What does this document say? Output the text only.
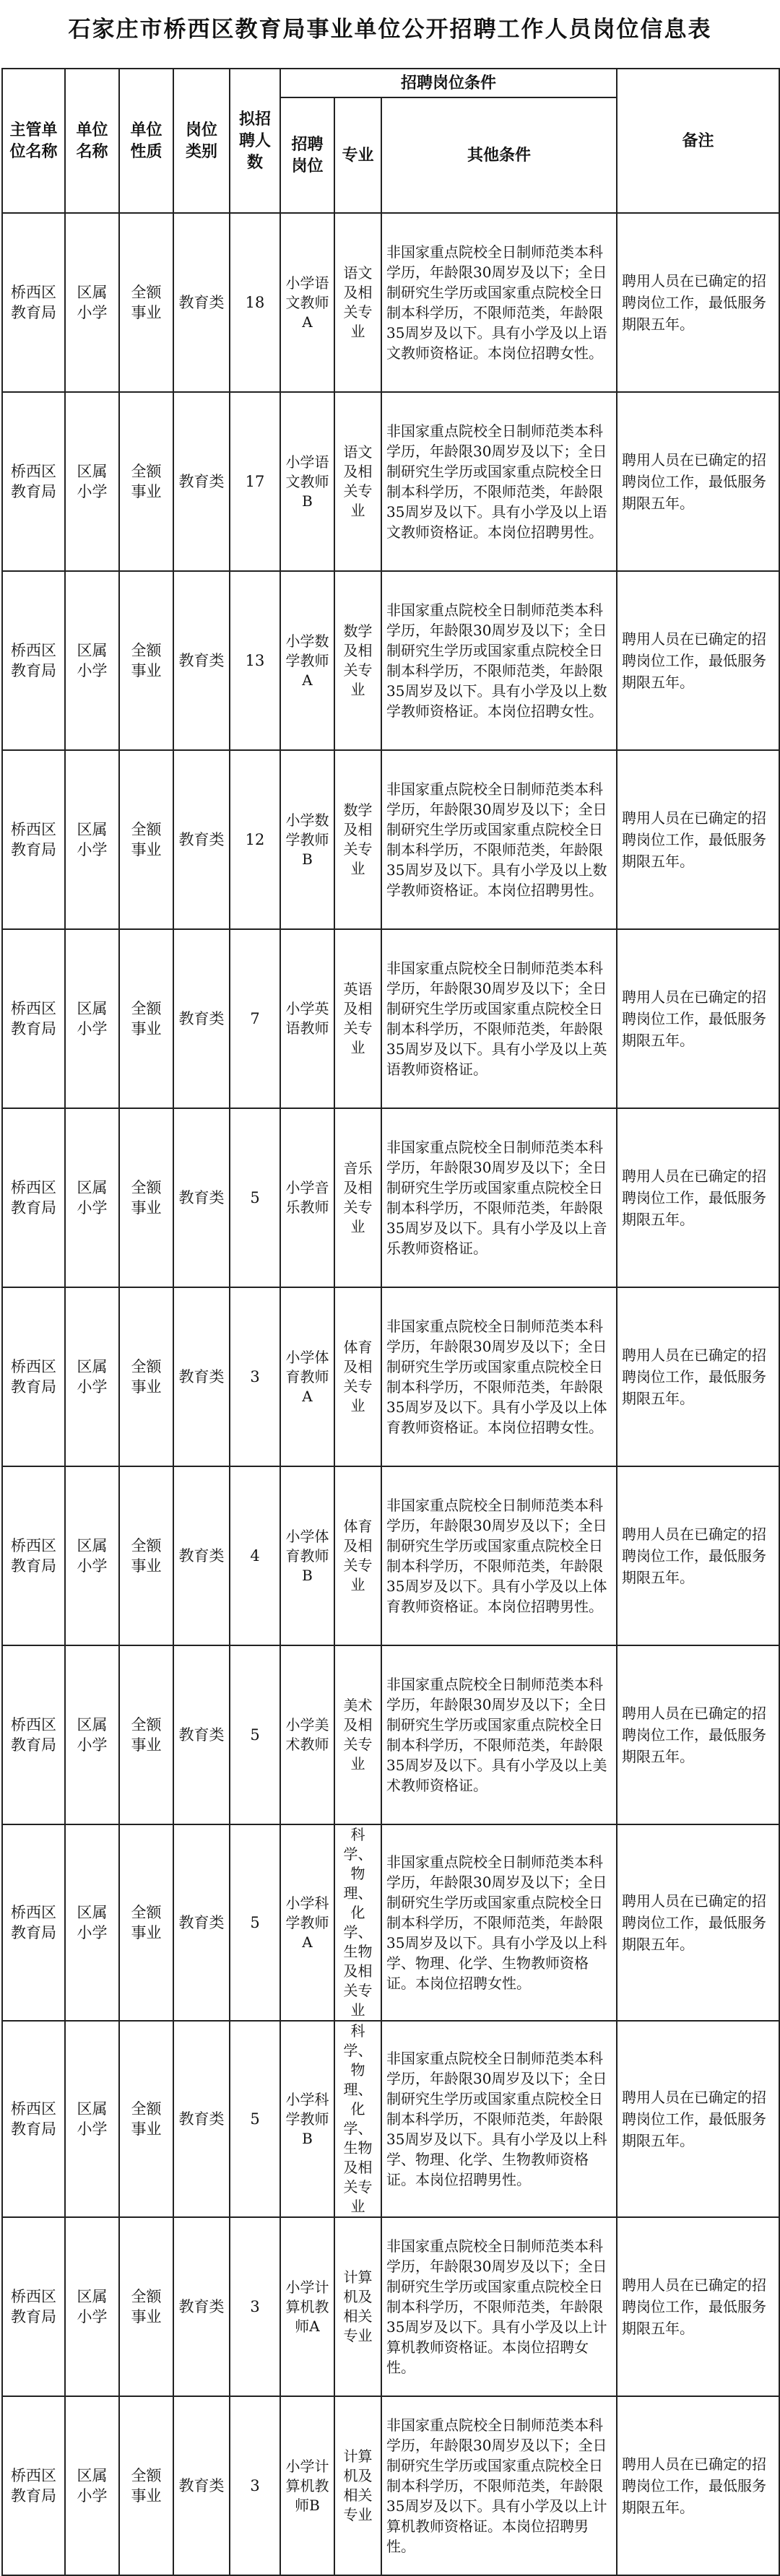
石家庄市桥西区教育局事业单位公开招聘工作人员岗位信息表
主管单位名称	单位名称	单位性质	岗位类别	拟招聘人数	招聘岗位条件			备注
					招聘岗位	专业	其他条件	
桥西区教育局	区属小学	全额事业	教育类	18	小学语文教师A	语文及相关专业	非国家重点院校全日制师范类本科学历，年龄限30周岁及以下；全日制研究生学历或国家重点院校全日制本科学历，不限师范类，年龄限35周岁及以下。具有小学及以上语文教师资格证。本岗位招聘女性。	聘用人员在已确定的招聘岗位工作，最低服务期限五年。
桥西区教育局	区属小学	全额事业	教育类	17	小学语文教师B	语文及相关专业	非国家重点院校全日制师范类本科学历，年龄限30周岁及以下；全日制研究生学历或国家重点院校全日制本科学历，不限师范类，年龄限35周岁及以下。具有小学及以上语文教师资格证。本岗位招聘男性。	聘用人员在已确定的招聘岗位工作，最低服务期限五年。
桥西区教育局	区属小学	全额事业	教育类	13	小学数学教师A	数学及相关专业	非国家重点院校全日制师范类本科学历，年龄限30周岁及以下；全日制研究生学历或国家重点院校全日制本科学历，不限师范类，年龄限35周岁及以下。具有小学及以上数学教师资格证。本岗位招聘女性。	聘用人员在已确定的招聘岗位工作，最低服务期限五年。
桥西区教育局	区属小学	全额事业	教育类	12	小学数学教师B	数学及相关专业	非国家重点院校全日制师范类本科学历，年龄限30周岁及以下；全日制研究生学历或国家重点院校全日制本科学历，不限师范类，年龄限35周岁及以下。具有小学及以上数学教师资格证。本岗位招聘男性。	聘用人员在已确定的招聘岗位工作，最低服务期限五年。
桥西区教育局	区属小学	全额事业	教育类	7	小学英语教师	英语及相关专业	非国家重点院校全日制师范类本科学历，年龄限30周岁及以下；全日制研究生学历或国家重点院校全日制本科学历，不限师范类，年龄限35周岁及以下。具有小学及以上英语教师资格证。	聘用人员在已确定的招聘岗位工作，最低服务期限五年。
桥西区教育局	区属小学	全额事业	教育类	5	小学音乐教师	音乐及相关专业	非国家重点院校全日制师范类本科学历，年龄限30周岁及以下；全日制研究生学历或国家重点院校全日制本科学历，不限师范类，年龄限35周岁及以下。具有小学及以上音乐教师资格证。	聘用人员在已确定的招聘岗位工作，最低服务期限五年。
桥西区教育局	区属小学	全额事业	教育类	3	小学体育教师A	体育及相关专业	非国家重点院校全日制师范类本科学历，年龄限30周岁及以下；全日制研究生学历或国家重点院校全日制本科学历，不限师范类，年龄限35周岁及以下。具有小学及以上体育教师资格证。本岗位招聘女性。	聘用人员在已确定的招聘岗位工作，最低服务期限五年。
桥西区教育局	区属小学	全额事业	教育类	4	小学体育教师B	体育及相关专业	非国家重点院校全日制师范类本科学历，年龄限30周岁及以下；全日制研究生学历或国家重点院校全日制本科学历，不限师范类，年龄限35周岁及以下。具有小学及以上体育教师资格证。本岗位招聘男性。	聘用人员在已确定的招聘岗位工作，最低服务期限五年。
桥西区教育局	区属小学	全额事业	教育类	5	小学美术教师	美术及相关专业	非国家重点院校全日制师范类本科学历，年龄限30周岁及以下；全日制研究生学历或国家重点院校全日制本科学历，不限师范类，年龄限35周岁及以下。具有小学及以上美术教师资格证。	聘用人员在已确定的招聘岗位工作，最低服务期限五年。
桥西区教育局	区属小学	全额事业	教育类	5	小学科学教师A	科学、物理、化学、生物及相关专业	非国家重点院校全日制师范类本科学历，年龄限30周岁及以下；全日制研究生学历或国家重点院校全日制本科学历，不限师范类，年龄限35周岁及以下。具有小学及以上科学、物理、化学、生物教师资格证。本岗位招聘女性。	聘用人员在已确定的招聘岗位工作，最低服务期限五年。
桥西区教育局	区属小学	全额事业	教育类	5	小学科学教师B	科学、物理、化学、生物及相关专业	非国家重点院校全日制师范类本科学历，年龄限30周岁及以下；全日制研究生学历或国家重点院校全日制本科学历，不限师范类，年龄限35周岁及以下。具有小学及以上科学、物理、化学、生物教师资格证。本岗位招聘男性。	聘用人员在已确定的招聘岗位工作，最低服务期限五年。
桥西区教育局	区属小学	全额事业	教育类	3	小学计算机教师A	计算机及相关专业	非国家重点院校全日制师范类本科学历，年龄限30周岁及以下；全日制研究生学历或国家重点院校全日制本科学历，不限师范类，年龄限35周岁及以下。具有小学及以上计算机教师资格证。本岗位招聘女性。	聘用人员在已确定的招聘岗位工作，最低服务期限五年。
桥西区教育局	区属小学	全额事业	教育类	3	小学计算机教师B	计算机及相关专业	非国家重点院校全日制师范类本科学历，年龄限30周岁及以下；全日制研究生学历或国家重点院校全日制本科学历，不限师范类，年龄限35周岁及以下。具有小学及以上计算机教师资格证。本岗位招聘男性。	聘用人员在已确定的招聘岗位工作，最低服务期限五年。
